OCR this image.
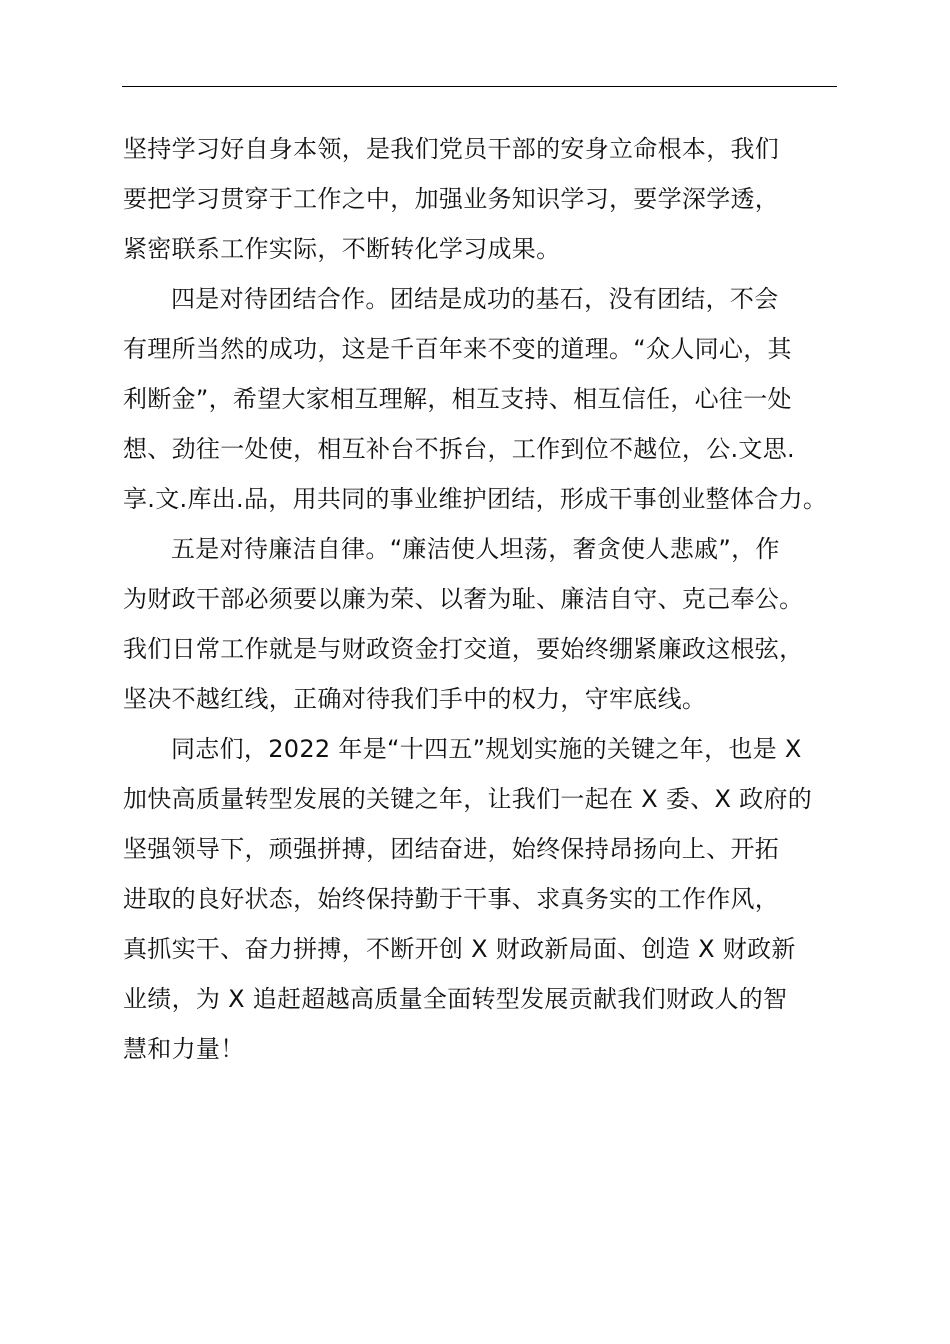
坚持学习好自身本领，是我们党员干部的安身立命根本，我们
要把学习贯穿于工作之中，加强业务知识学习，要学深学透，
紧密联系工作实际，不断转化学习成果。
四是对待团结合作。团结是成功的基石，没有团结，不会
有理所当然的成功，这是千百年来不变的道理。“众人同心，其
利断金”，希望大家相互理解，相互支持、相互信任，心往一处
想、劲往一处使，相互补台不拆台，工作到位不越位，公.文思.
享.文.库出.品，用共同的事业维护团结，形成干事创业整体合力。
五是对待廉洁自律。“廉洁使人坦荡，奢贪使人悲戚”，作
为财政干部必须要以廉为荣、以奢为耻、廉洁自守、克己奉公。
我们日常工作就是与财政资金打交道，要始终绷紧廉政这根弦，
坚决不越红线，正确对待我们手中的权力，守牢底线。
同志们，2022 年是“十四五”规划实施的关键之年，也是 X
加快高质量转型发展的关键之年，让我们一起在 X 委、X 政府的
坚强领导下，顽强拼搏，团结奋进，始终保持昂扬向上、开拓
进取的良好状态，始终保持勤于干事、求真务实的工作作风，
真抓实干、奋力拼搏，不断开创 X 财政新局面、创造 X 财政新
业绩，为 X 追赶超越高质量全面转型发展贡献我们财政人的智
慧和力量！
